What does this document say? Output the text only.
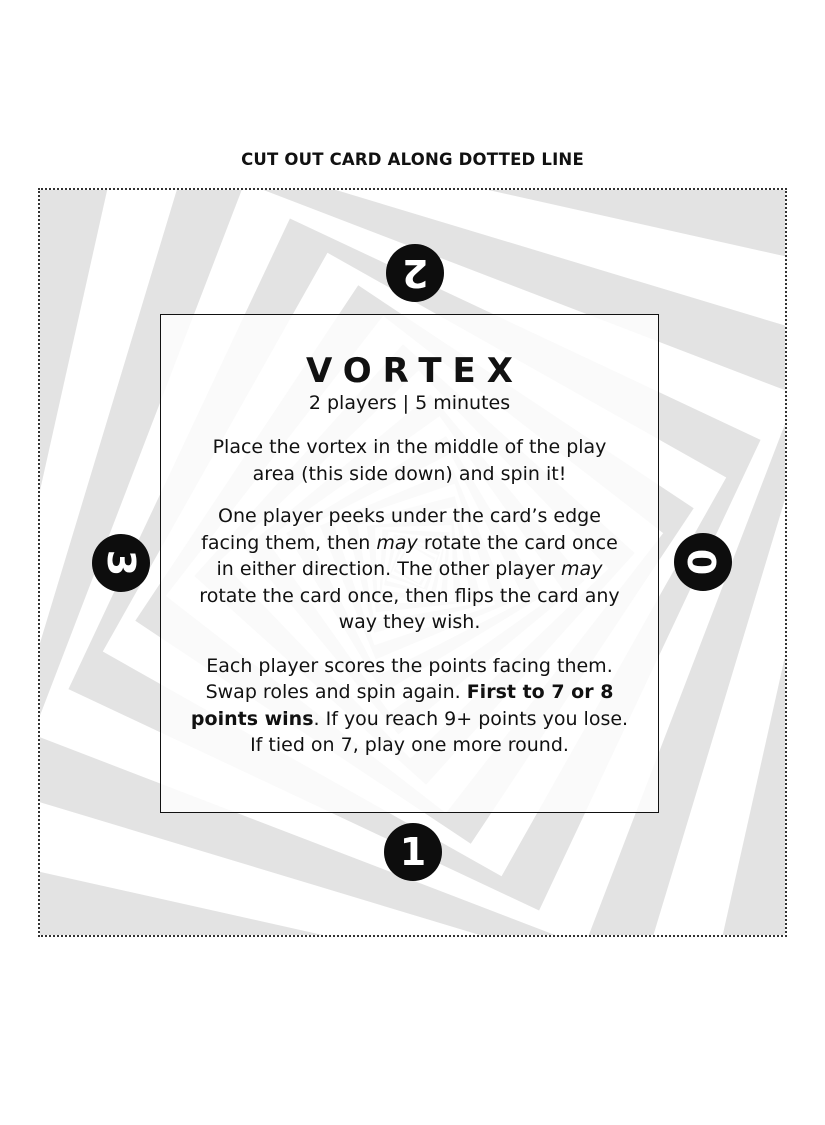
CUT OUT CARD ALONG DOTTED LINE

2
3	0
1
VORTEX

2 players | 5 minutes

Place the vortex in the middle of the play area (this side down) and spin it!

One player peeks under the card’s edge facing them, then may rotate the card once in either direction. The other player may rotate the card once, then flips the card any way they wish.

Each player scores the points facing them. Swap roles and spin again. First to 7 or 8 points wins. If you reach 9+ points you lose. If tied on 7, play one more round.
